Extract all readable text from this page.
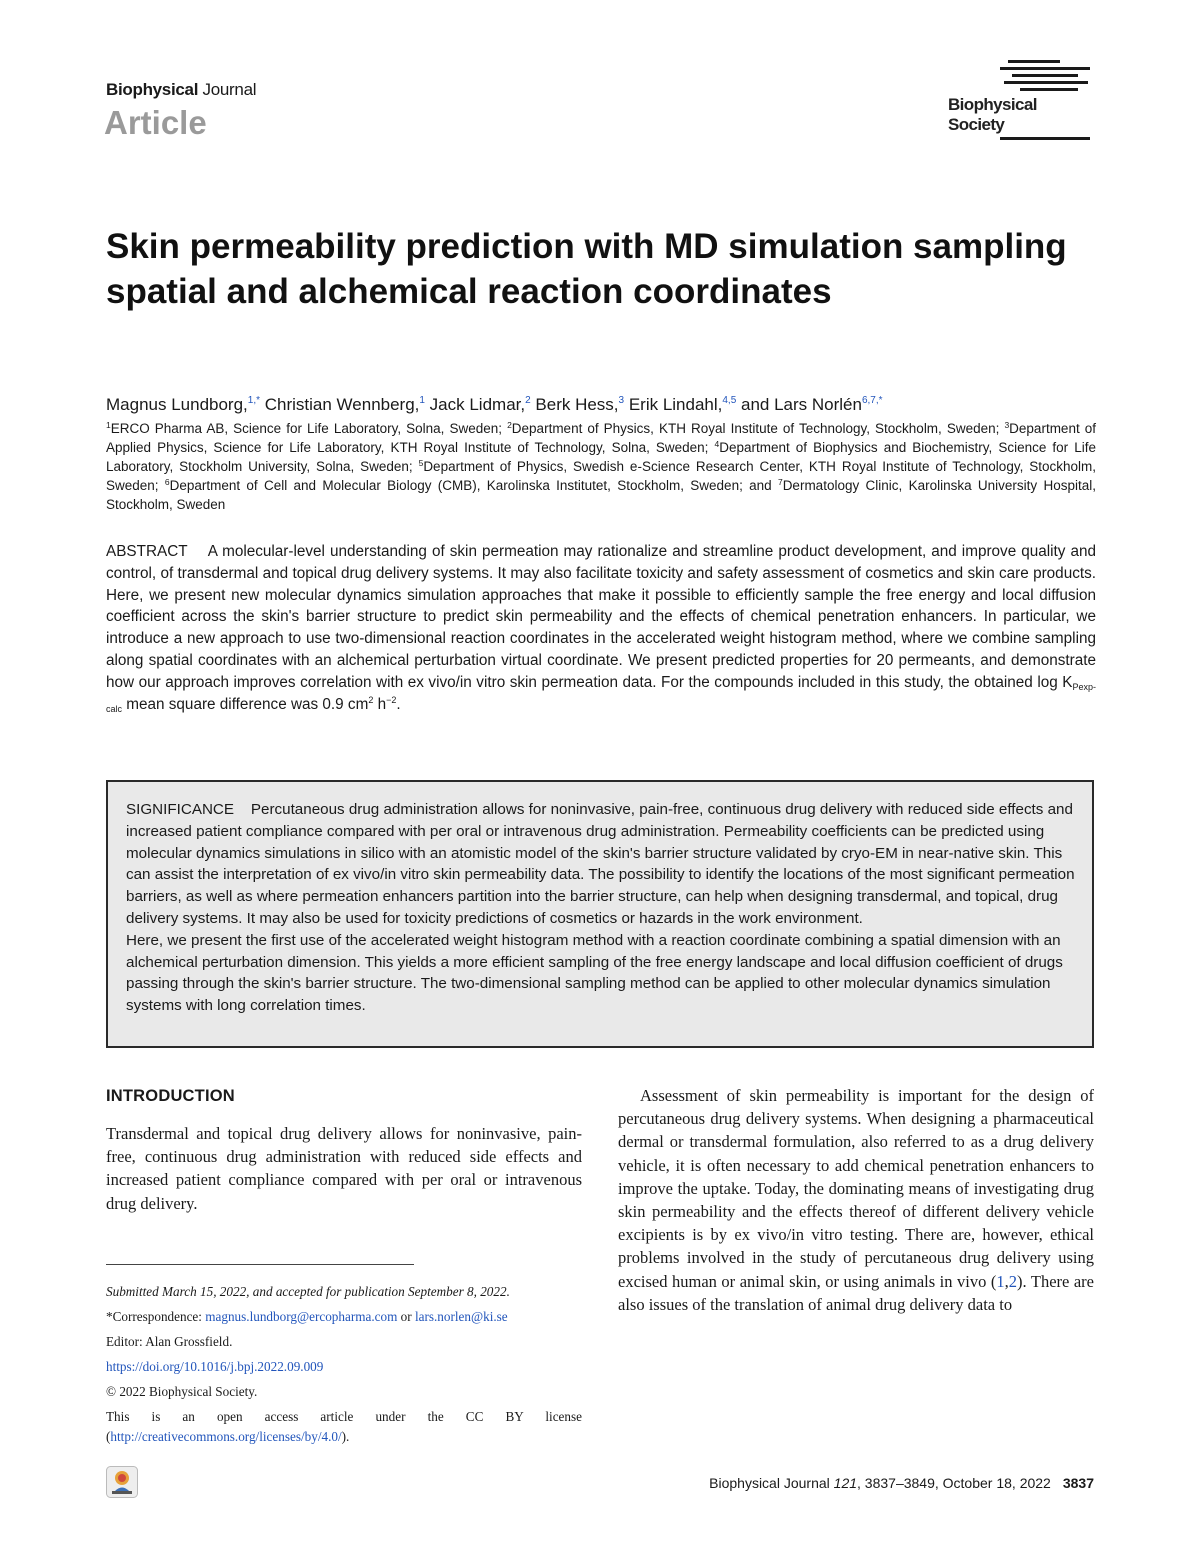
Biophysical Journal
Article	Biophysical Society
Skin permeability prediction with MD simulation sampling spatial and alchemical reaction coordinates
Magnus Lundborg,$^{1,*}$ Christian Wennberg,$^1$ Jack Lidmar,$^2$ Berk Hess,$^3$ Erik Lindahl,$^{4,5}$ and Lars Norlén$^{6,7,*}$
$^1$ERCO Pharma AB, Science for Life Laboratory, Solna, Sweden; $^2$Department of Physics, KTH Royal Institute of Technology, Stockholm, Sweden; $^3$Department of Applied Physics, Science for Life Laboratory, KTH Royal Institute of Technology, Solna, Sweden; $^4$Department of Biophysics and Biochemistry, Science for Life Laboratory, Stockholm University, Solna, Sweden; $^5$Department of Physics, Swedish e-Science Research Center, KTH Royal Institute of Technology, Stockholm, Sweden; $^6$Department of Cell and Molecular Biology (CMB), Karolinska Institutet, Stockholm, Sweden; and $^7$Dermatology Clinic, Karolinska University Hospital, Stockholm, Sweden
ABSTRACT A molecular-level understanding of skin permeation may rationalize and streamline product development, and improve quality and control, of transdermal and topical drug delivery systems. It may also facilitate toxicity and safety assessment of cosmetics and skin care products. Here, we present new molecular dynamics simulation approaches that make it possible to efficiently sample the free energy and local diffusion coefficient across the skin's barrier structure to predict skin permeability and the effects of chemical penetration enhancers. In particular, we introduce a new approach to use two-dimensional reaction coordinates in the accelerated weight histogram method, where we combine sampling along spatial coordinates with an alchemical perturbation virtual coordinate. We present predicted properties for 20 permeants, and demonstrate how our approach improves correlation with ex vivo/in vitro skin permeation data. For the compounds included in this study, the obtained $\log K_{Pexp-calc}$ mean square difference was 0.9 $cm^2$ $h^{-2}$.

SIGNIFICANCE Percutaneous drug administration allows for noninvasive, pain-free, continuous drug delivery with reduced side effects and increased patient compliance compared with per oral or intravenous drug administration. Permeability coefficients can be predicted using molecular dynamics simulations in silico with an atomistic model of the skin's barrier structure validated by cryo-EM in near-native skin. This can assist the interpretation of ex vivo/in vitro skin permeability data. The possibility to identify the locations of the most significant permeation barriers, as well as where permeation enhancers partition into the barrier structure, can help when designing transdermal, and topical, drug delivery systems. It may also be used for toxicity predictions of cosmetics or hazards in the work environment.

Here, we present the first use of the accelerated weight histogram method with a reaction coordinate combining a spatial dimension with an alchemical perturbation dimension. This yields a more efficient sampling of the free energy landscape and local diffusion coefficient of drugs passing through the skin's barrier structure. The two-dimensional sampling method can be applied to other molecular dynamics simulation systems with long correlation times.

INTRODUCTION
Transdermal and topical drug delivery allows for noninvasive, pain-free, continuous drug administration with reduced side effects and increased patient compliance compared with per oral or intravenous drug delivery.
Assessment of skin permeability is important for the design of percutaneous drug delivery systems. When designing a pharmaceutical dermal or transdermal formulation, also referred to as a drug delivery vehicle, it is often necessary to add chemical penetration enhancers to improve the uptake. Today, the dominating means of investigating drug skin permeability and the effects thereof of different delivery vehicle excipients is by ex vivo/in vitro testing. There are, however, ethical problems involved in the study of percutaneous drug delivery using excised human or animal skin, or using animals in vivo (1,2). There are also issues of the translation of animal drug delivery data to

Submitted March 15, 2022, and accepted for publication September 8, 2022.

*Correspondence: magnus.lundborg@ercopharma.com or lars.norlen@ki.se

Editor: Alan Grossfield.

https://doi.org/10.1016/j.bpj.2022.09.009

© 2022 Biophysical Society.

This is an open access article under the CC BY license (http://creativecommons.org/licenses/by/4.0/).

Biophysical Journal 121, 3837–3849, October 18, 2022 3837
